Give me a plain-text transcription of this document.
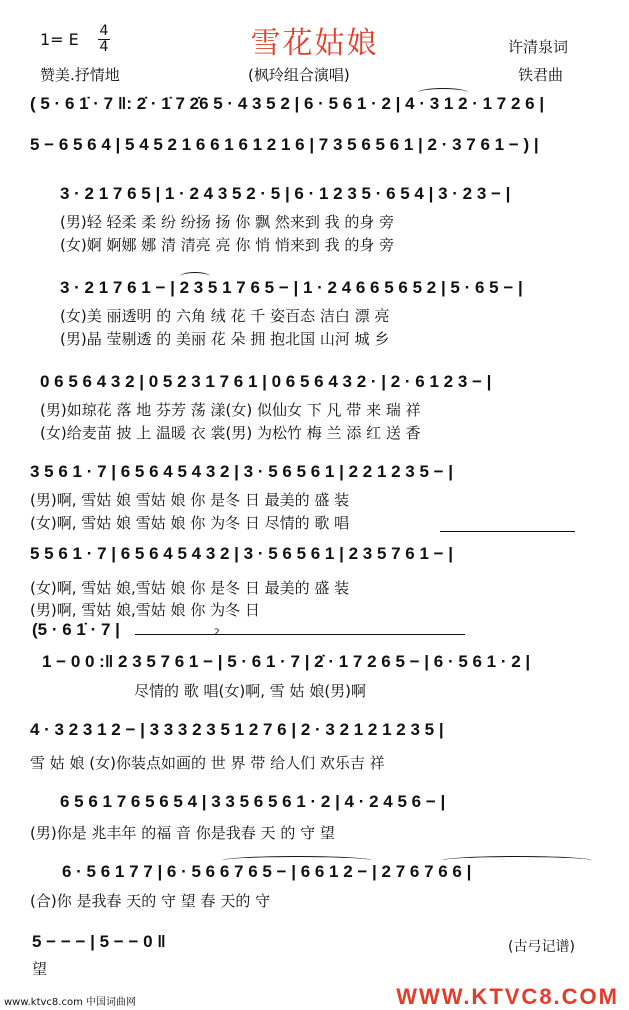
1= E $\frac{4}{4}$	雪花姑娘	许清泉词
赞美.抒情地	(枫玲组合演唱)	铁君曲
( 5 · 6 1̇ · 7 ‖: 2̇ · 1̇ 7 2̇6 5 · 4 3 5 2 | 6 · 5 6 1 · 2 | 4 · 3 1 2 · 1 7 2 6 |
5 − 6 5 6 4 | 5 4 5 2 1 6 6 1 6 1 2 1 6 | 7 3 5 6 5 6 1 | 2 · 3 7 6 1 − ) |
3 · 2 1 7 6 5 | 1 · 2 4 3 5 2 · 5 | 6 · 1 2 3 5 · 6 5 4 | 3 · 2 3 − |
(男)轻 轻柔 柔 纷 纷扬 扬 你 飘 然来到 我 的身 旁
(女)婀 婀娜 娜 清 清亮 亮 你 悄 悄来到 我 的身 旁
3 · 2 1 7 6 1 − | 2 3 5 1 7 6 5 − | 1 · 2 4 6 6 5 6 5 2 | 5 · 6 5 − |
(女)美 丽透明 的 六角 绒 花 千 姿百态 洁白 漂 亮
(男)晶 莹剔透 的 美丽 花 朵 拥 抱北国 山河 城 乡
0 6 5 6 4 3 2 | 0 5 2 3 1 7 6 1 | 0 6 5 6 4 3 2 · | 2 · 6 1 2 3 − |
(男)如琼花 落 地 芬芳 荡 漾(女) 似仙女 下 凡 带 来 瑞 祥
(女)给麦苗 披 上 温暖 衣 裳(男) 为松竹 梅 兰 添 红 送 香
3 5 6 1 · 7 | 6 5 6 4 5 4 3 2 | 3 · 5 6 5 6 1 | 2 2 1 2 3 5 − |
(男)啊, 雪姑 娘 雪姑 娘 你 是冬 日 最美的 盛 装
(女)啊, 雪姑 娘 雪姑 娘 你 为冬 日 尽情的 歌 唱
5 5 6 1 · 7 | 6 5 6 4 5 4 3 2 | 3 · 5 6 5 6 1 | 2 3 5 7 6 1 − |
(女)啊, 雪姑 娘,雪姑 娘 你 是冬 日 最美的 盛 装
(男)啊, 雪姑 娘,雪姑 娘 你 为冬 日
(5 · 6 1̇ · 7 |	2
1 − 0 0 :‖ 2 3 5 7 6 1 − | 5 · 6 1 · 7 | 2̇ · 1 7 2 6 5 − | 6 · 5 6 1 · 2 |
尽情的 歌 唱(女)啊, 雪 姑 娘(男)啊
4 · 3 2 3 1 2 − | 3 3 3 2 3 5 1 2 7 6 | 2 · 3 2 1 2 1 2 3 5 |
雪 姑 娘 (女)你装点如画的 世 界 带 给人们 欢乐吉 祥
6 5 6 1 7 6 5 6 5 4 | 3 3 5 6 5 6 1 · 2 | 4 · 2 4 5 6 − |
(男)你是 兆丰年 的福 音 你是我春 天 的 守 望
6 · 5 6 1 7 7 | 6 · 5 6 6 7 6 5 − | 6 6 1 2 − | 2 7 6 7 6 6 |
(合)你 是我春 天的 守 望 春 天的 守
5 − − − | 5 − − 0 ‖
望
(古弓记谱)
www.ktvc8.com 中国词曲网	WWW.KTVC8.COM
